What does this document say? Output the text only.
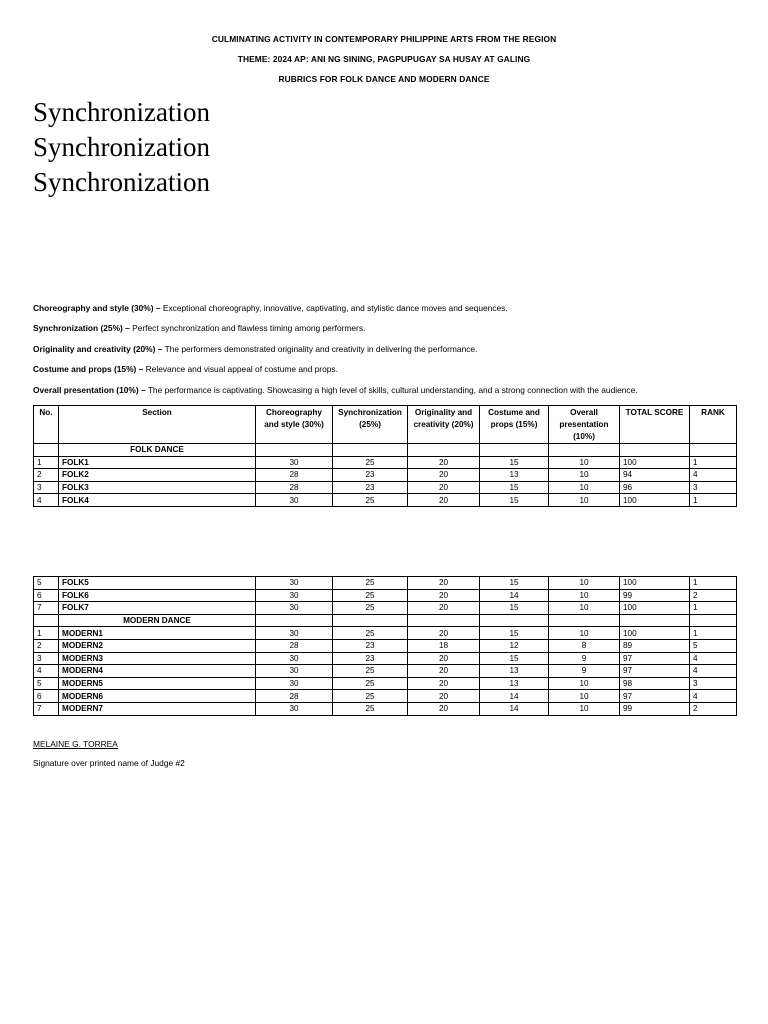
CULMINATING ACTIVITY IN CONTEMPORARY PHILIPPINE ARTS FROM THE REGION
THEME: 2024 AP: ANI NG SINING, PAGPUPUGAY SA HUSAY AT GALING
RUBRICS FOR FOLK DANCE AND MODERN DANCE
Synchronization Synchronization Synchronization
Choreography and style (30%) – Exceptional choreography, innovative, captivating, and stylistic dance moves and sequences.
Synchronization (25%) – Perfect synchronization and flawless timing among performers.
Originality and creativity (20%) – The performers demonstrated originality and creativity in delivering the performance.
Costume and props (15%) – Relevance and visual appeal of costume and props.
Overall presentation (10%) – The performance is captivating. Showcasing a high level of skills, cultural understanding, and a strong connection with the audience.
No.	Section	Choreography and style (30%)	Synchronization (25%)	Originality and creativity (20%)	Costume and props (15%)	Overall presentation (10%)	TOTAL SCORE	RANK
	FOLK DANCE							
1	FOLK1	30	25	20	15	10	100	1
2	FOLK2	28	23	20	13	10	94	4
3	FOLK3	28	23	20	15	10	96	3
4	FOLK4	30	25	20	15	10	100	1
5	FOLK5	30	25	20	15	10	100	1
6	FOLK6	30	25	20	14	10	99	2
7	FOLK7	30	25	20	15	10	100	1
	MODERN DANCE							
1	MODERN1	30	25	20	15	10	100	1
2	MODERN2	28	23	18	12	8	89	5
3	MODERN3	30	23	20	15	9	97	4
4	MODERN4	30	25	20	13	9	97	4
5	MODERN5	30	25	20	13	10	98	3
6	MODERN6	28	25	20	14	10	97	4
7	MODERN7	30	25	20	14	10	99	2
MELAINE G. TORREA
Signature over printed name of Judge #2
